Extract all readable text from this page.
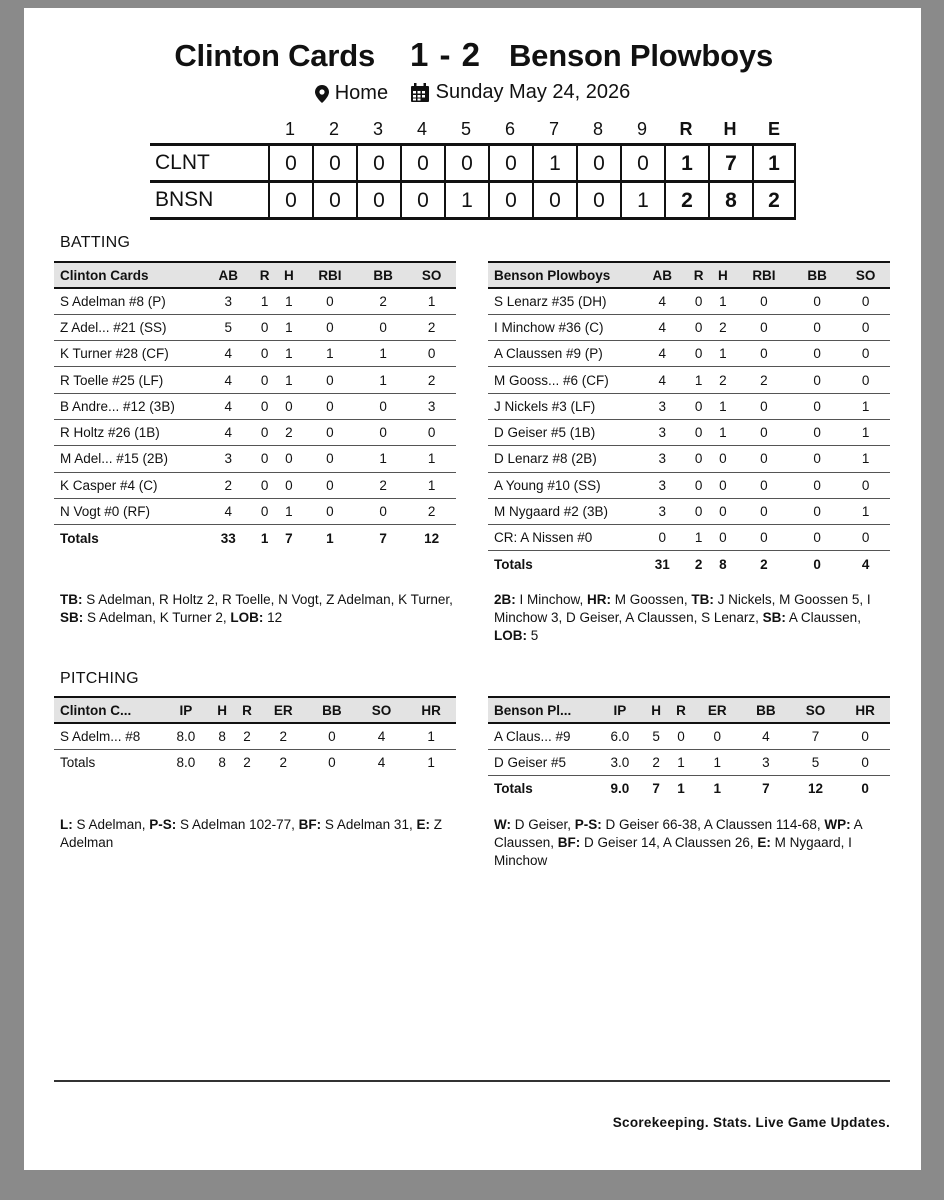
Clinton Cards 1 - 2 Benson Plowboys
Home
Sunday May 24, 2026
1	2	3	4	5	6	7	8	9	R	H	E
CLNT	0	0	0	0	0	0	1	0	0	1	7	1
BNSN	0	0	0	0	1	0	0	0	1	2	8	2
BATTING
Clinton Cards	AB	R	H	RBI	BB	SO
S Adelman #8 (P)	3	1	1	0	2	1
Z Adel... #21 (SS)	5	0	1	0	0	2
K Turner #28 (CF)	4	0	1	1	1	0
R Toelle #25 (LF)	4	0	1	0	1	2
B Andre... #12 (3B)	4	0	0	0	0	3
R Holtz #26 (1B)	4	0	2	0	0	0
M Adel... #15 (2B)	3	0	0	0	1	1
K Casper #4 (C)	2	0	0	0	2	1
N Vogt #0 (RF)	4	0	1	0	0	2
Totals	33	1	7	1	7	12
Benson Plowboys	AB	R	H	RBI	BB	SO
S Lenarz #35 (DH)	4	0	1	0	0	0
I Minchow #36 (C)	4	0	2	0	0	0
A Claussen #9 (P)	4	0	1	0	0	0
M Gooss... #6 (CF)	4	1	2	2	0	0
J Nickels #3 (LF)	3	0	1	0	0	1
D Geiser #5 (1B)	3	0	1	0	0	1
D Lenarz #8 (2B)	3	0	0	0	0	1
A Young #10 (SS)	3	0	0	0	0	0
M Nygaard #2 (3B)	3	0	0	0	0	1
CR: A Nissen #0	0	1	0	0	0	0
Totals	31	2	8	2	0	4
TB: S Adelman, R Holtz 2, R Toelle, N Vogt, Z Adelman, K Turner, SB: S Adelman, K Turner 2, LOB: 12
2B: I Minchow, HR: M Goossen, TB: J Nickels, M Goossen 5, I Minchow 3, D Geiser, A Claussen, S Lenarz, SB: A Claussen, LOB: 5
PITCHING
Clinton C...	IP	H	R	ER	BB	SO	HR
S Adelm... #8	8.0	8	2	2	0	4	1
Totals	8.0	8	2	2	0	4	1
Benson Pl...	IP	H	R	ER	BB	SO	HR
A Claus... #9	6.0	5	0	0	4	7	0
D Geiser #5	3.0	2	1	1	3	5	0
Totals	9.0	7	1	1	7	12	0
L: S Adelman, P-S: S Adelman 102-77, BF: S Adelman 31, E: Z Adelman
W: D Geiser, P-S: D Geiser 66-38, A Claussen 114-68, WP: A Claussen, BF: D Geiser 14, A Claussen 26, E: M Nygaard, I Minchow
Scorekeeping. Stats. Live Game Updates.
